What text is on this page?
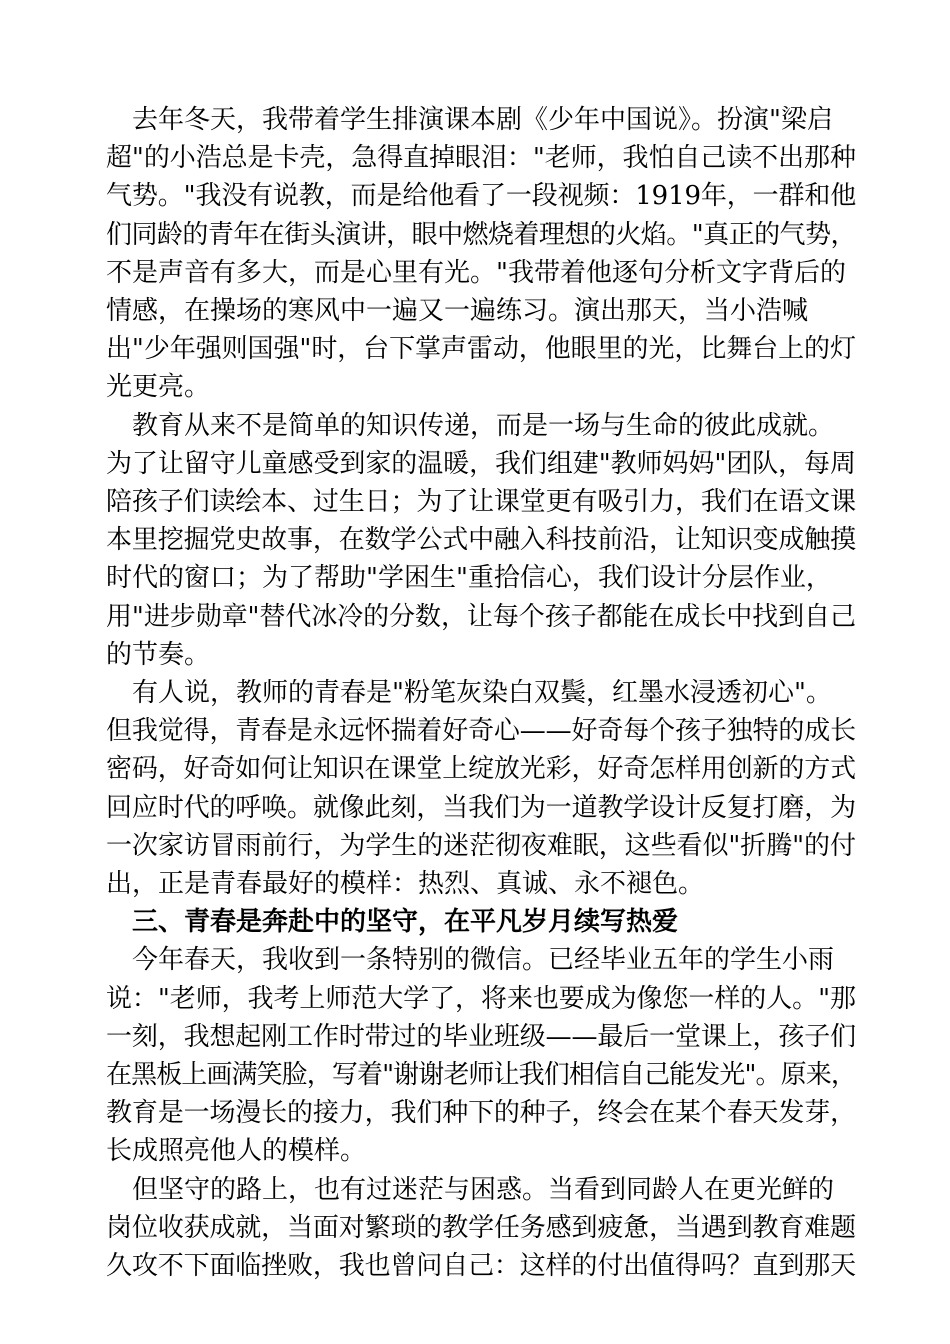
　去年冬天，我带着学生排演课本剧《少年中国说》。扮演"梁启

超"的小浩总是卡壳，急得直掉眼泪："老师，我怕自己读不出那种

气势。"我没有说教，而是给他看了一段视频：1919年，一群和他

们同龄的青年在街头演讲，眼中燃烧着理想的火焰。"真正的气势，

不是声音有多大，而是心里有光。"我带着他逐句分析文字背后的

情感，在操场的寒风中一遍又一遍练习。演出那天，当小浩喊

出"少年强则国强"时，台下掌声雷动，他眼里的光，比舞台上的灯

光更亮。

　教育从来不是简单的知识传递，而是一场与生命的彼此成就。

为了让留守儿童感受到家的温暖，我们组建"教师妈妈"团队，每周

陪孩子们读绘本、过生日；为了让课堂更有吸引力，我们在语文课

本里挖掘党史故事，在数学公式中融入科技前沿，让知识变成触摸

时代的窗口；为了帮助"学困生"重拾信心，我们设计分层作业，

用"进步勋章"替代冰冷的分数，让每个孩子都能在成长中找到自己

的节奏。

　有人说，教师的青春是"粉笔灰染白双鬓，红墨水浸透初心"。

但我觉得，青春是永远怀揣着好奇心——好奇每个孩子独特的成长

密码，好奇如何让知识在课堂上绽放光彩，好奇怎样用创新的方式

回应时代的呼唤。就像此刻，当我们为一道教学设计反复打磨，为

一次家访冒雨前行，为学生的迷茫彻夜难眠，这些看似"折腾"的付

出，正是青春最好的模样：热烈、真诚、永不褪色。

　三、青春是奔赴中的坚守，在平凡岁月续写热爱

　今年春天，我收到一条特别的微信。已经毕业五年的学生小雨

说："老师，我考上师范大学了，将来也要成为像您一样的人。"那

一刻，我想起刚工作时带过的毕业班级——最后一堂课上，孩子们

在黑板上画满笑脸，写着"谢谢老师让我们相信自己能发光"。原来，

教育是一场漫长的接力，我们种下的种子，终会在某个春天发芽，

长成照亮他人的模样。

　但坚守的路上，也有过迷茫与困惑。当看到同龄人在更光鲜的

岗位收获成就，当面对繁琐的教学任务感到疲惫，当遇到教育难题

久攻不下面临挫败，我也曾问自己：这样的付出值得吗？直到那天
